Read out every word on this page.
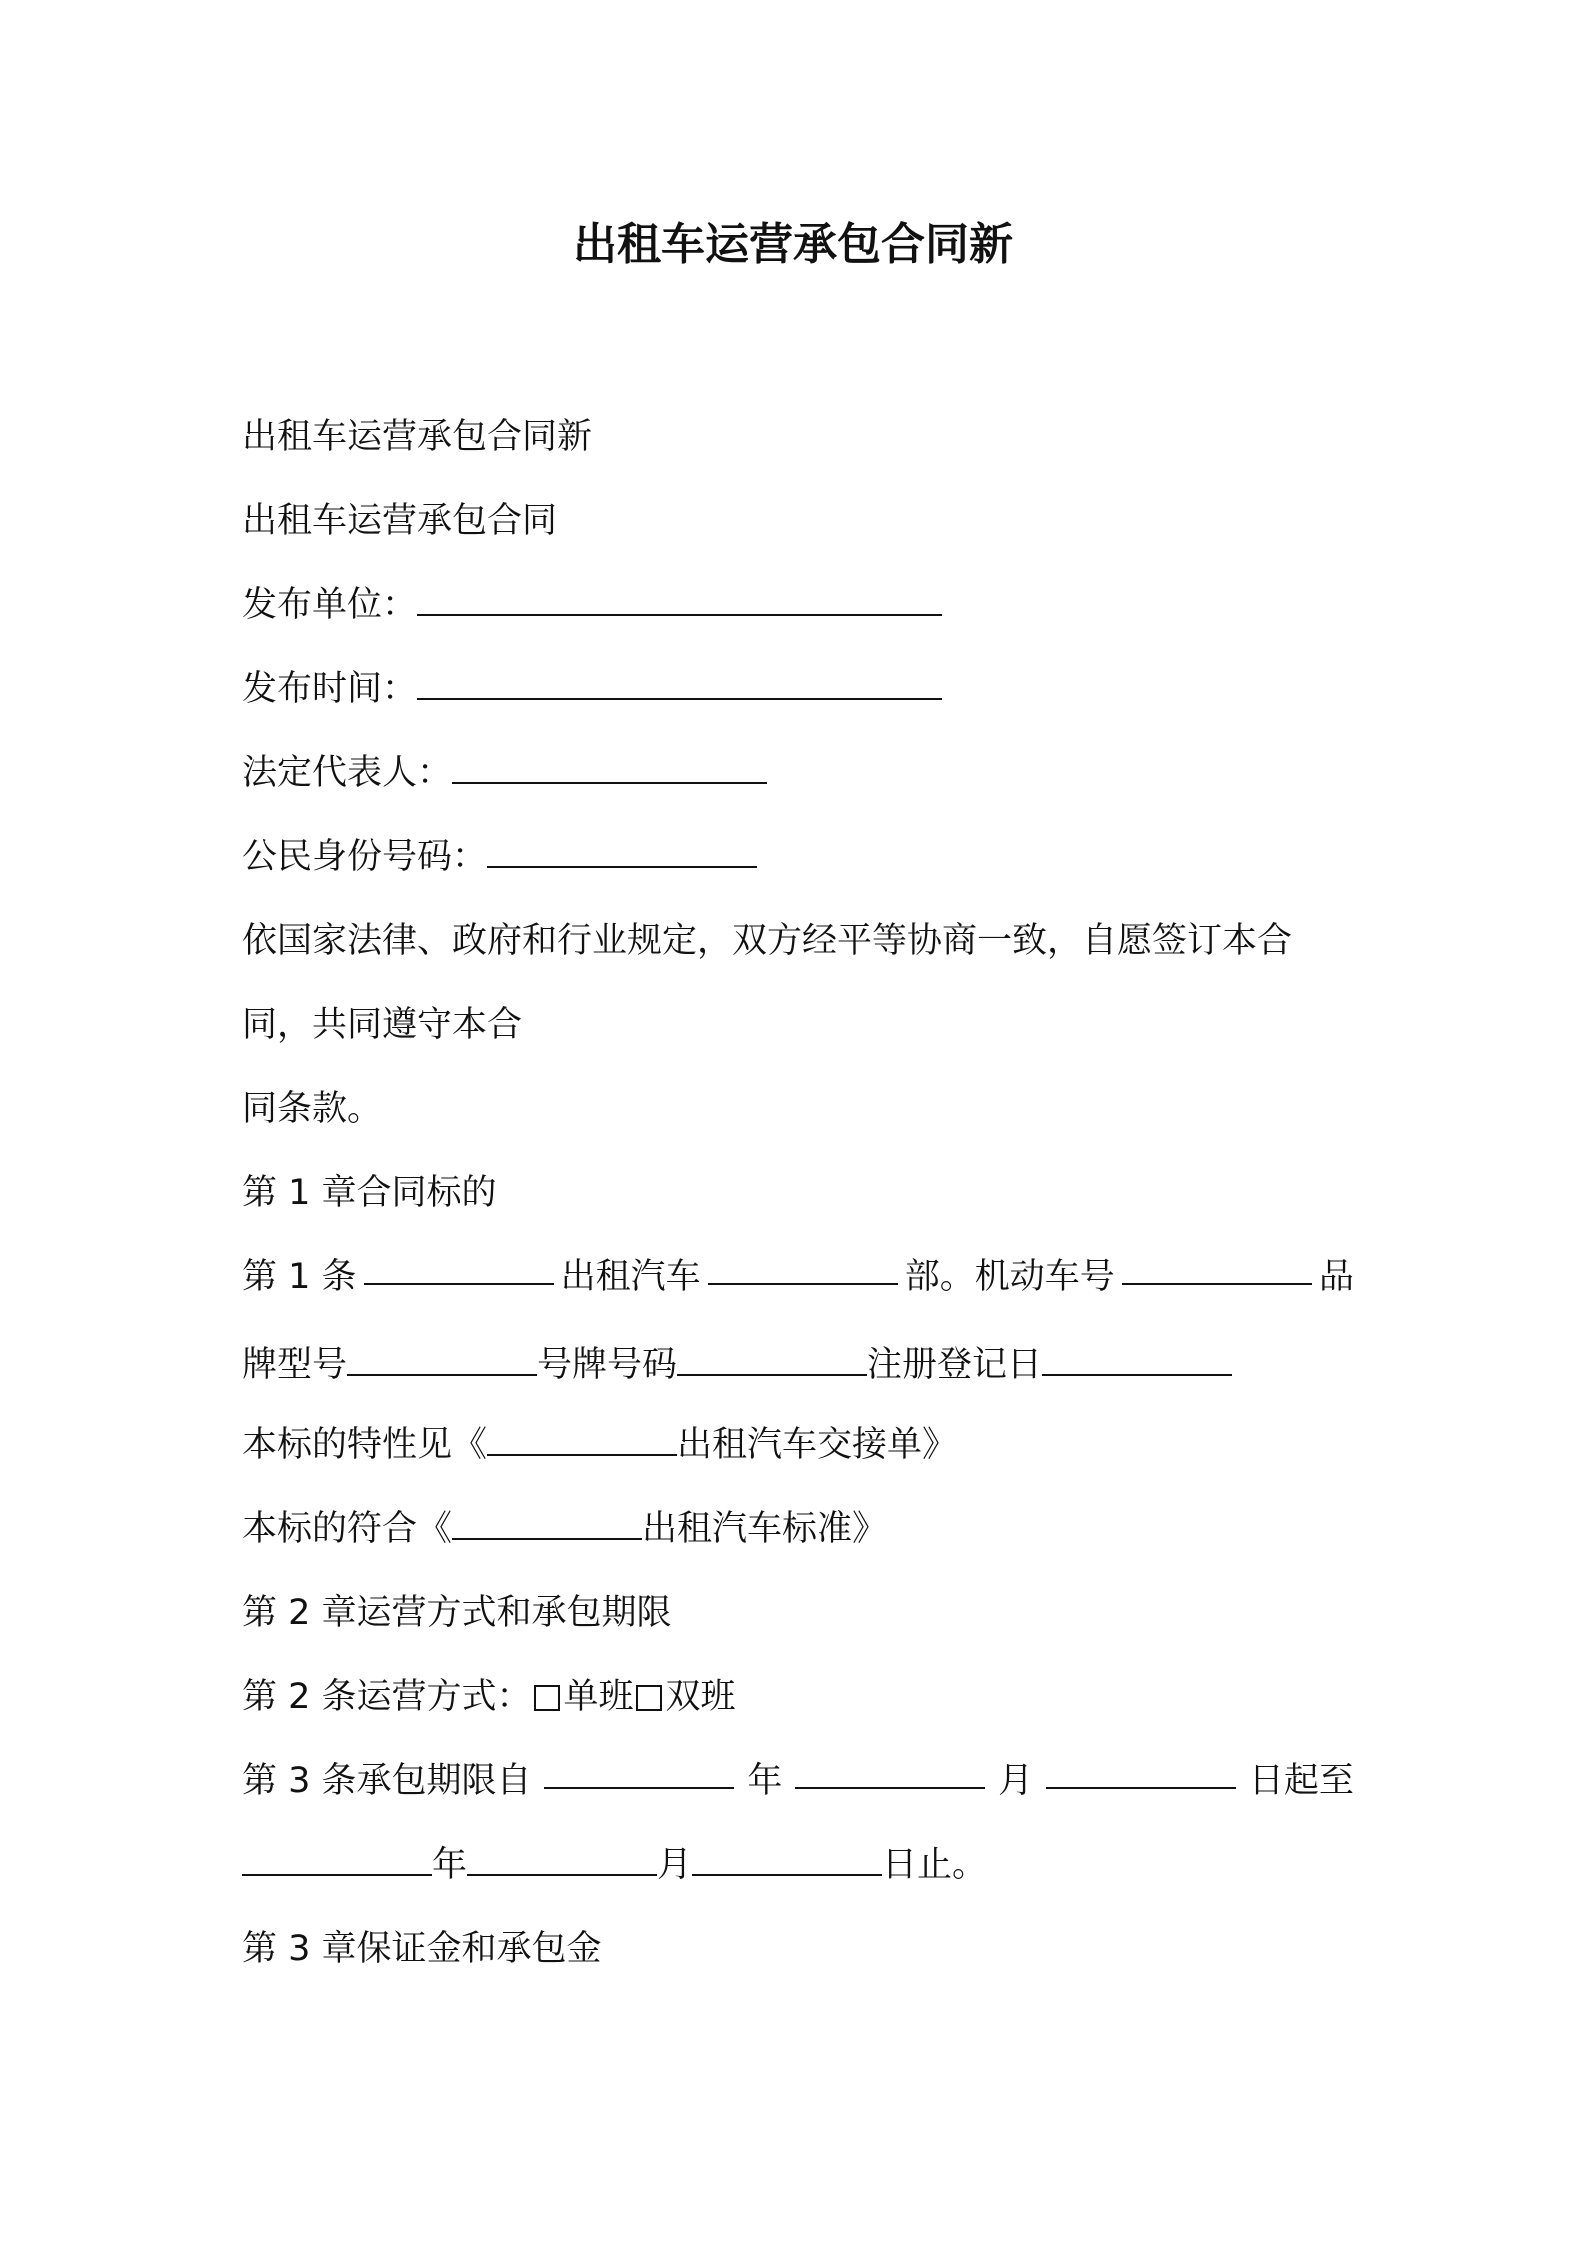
出租车运营承包合同新
出租车运营承包合同新
出租车运营承包合同
发布单位：
发布时间：
法定代表人：
公民身份号码：
依国家法律、政府和行业规定，双方经平等协商一致，自愿签订本合同，共同遵守本合
同条款。
第 1 章合同标的
第 1 条	出租汽车	部。机动车号	品
牌型号	号牌号码	注册登记日
本标的特性见《	出租汽车交接单》
本标的符合《	出租汽车标准》
第 2 章运营方式和承包期限
第 2 条运营方式： 单班 双班
第 3 条承包期限自	年	月	日起至
年	月	日止。
第 3 章保证金和承包金
